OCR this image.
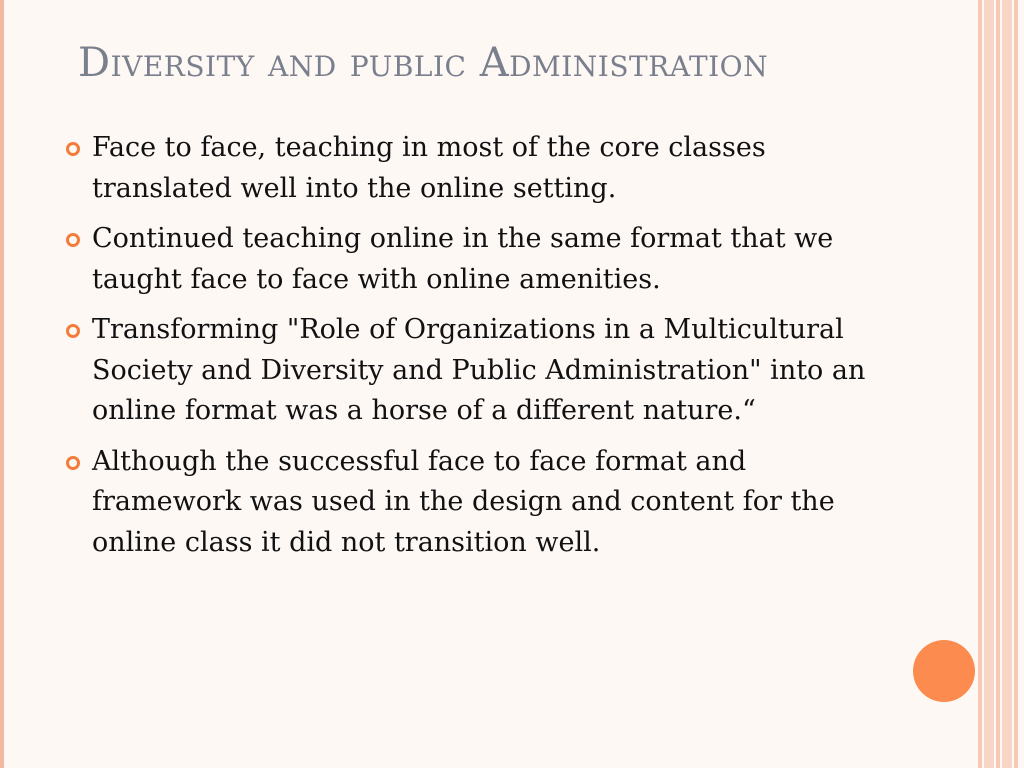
Diversity and public Administration
Face to face, teaching in most of the core classes translated well into the online setting.
Continued teaching online in the same format that we taught face to face with online amenities.
Transforming "Role of Organizations in a Multicultural Society and Diversity and Public Administration" into an online format was a horse of a different nature.“
Although the successful face to face format and framework was used in the design and content for the online class it did not transition well.
